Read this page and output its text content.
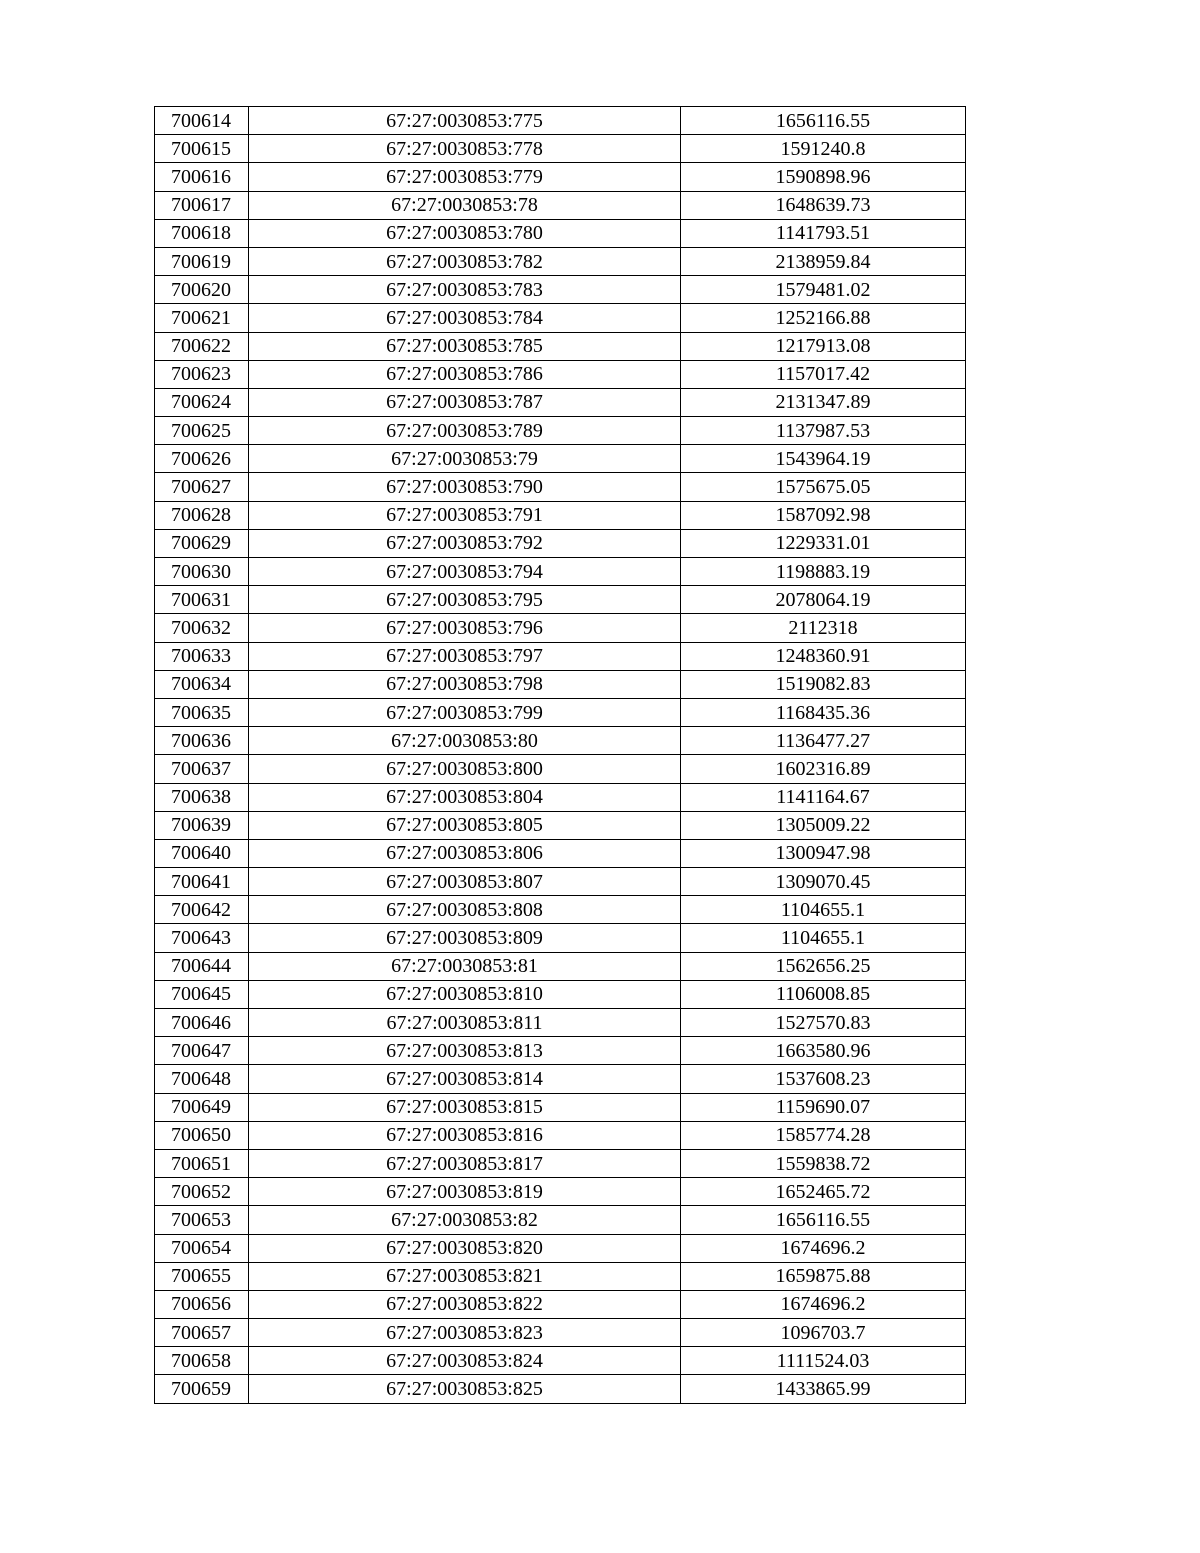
700614	67:27:0030853:775	1656116.55
700615	67:27:0030853:778	1591240.8
700616	67:27:0030853:779	1590898.96
700617	67:27:0030853:78	1648639.73
700618	67:27:0030853:780	1141793.51
700619	67:27:0030853:782	2138959.84
700620	67:27:0030853:783	1579481.02
700621	67:27:0030853:784	1252166.88
700622	67:27:0030853:785	1217913.08
700623	67:27:0030853:786	1157017.42
700624	67:27:0030853:787	2131347.89
700625	67:27:0030853:789	1137987.53
700626	67:27:0030853:79	1543964.19
700627	67:27:0030853:790	1575675.05
700628	67:27:0030853:791	1587092.98
700629	67:27:0030853:792	1229331.01
700630	67:27:0030853:794	1198883.19
700631	67:27:0030853:795	2078064.19
700632	67:27:0030853:796	2112318
700633	67:27:0030853:797	1248360.91
700634	67:27:0030853:798	1519082.83
700635	67:27:0030853:799	1168435.36
700636	67:27:0030853:80	1136477.27
700637	67:27:0030853:800	1602316.89
700638	67:27:0030853:804	1141164.67
700639	67:27:0030853:805	1305009.22
700640	67:27:0030853:806	1300947.98
700641	67:27:0030853:807	1309070.45
700642	67:27:0030853:808	1104655.1
700643	67:27:0030853:809	1104655.1
700644	67:27:0030853:81	1562656.25
700645	67:27:0030853:810	1106008.85
700646	67:27:0030853:811	1527570.83
700647	67:27:0030853:813	1663580.96
700648	67:27:0030853:814	1537608.23
700649	67:27:0030853:815	1159690.07
700650	67:27:0030853:816	1585774.28
700651	67:27:0030853:817	1559838.72
700652	67:27:0030853:819	1652465.72
700653	67:27:0030853:82	1656116.55
700654	67:27:0030853:820	1674696.2
700655	67:27:0030853:821	1659875.88
700656	67:27:0030853:822	1674696.2
700657	67:27:0030853:823	1096703.7
700658	67:27:0030853:824	1111524.03
700659	67:27:0030853:825	1433865.99
